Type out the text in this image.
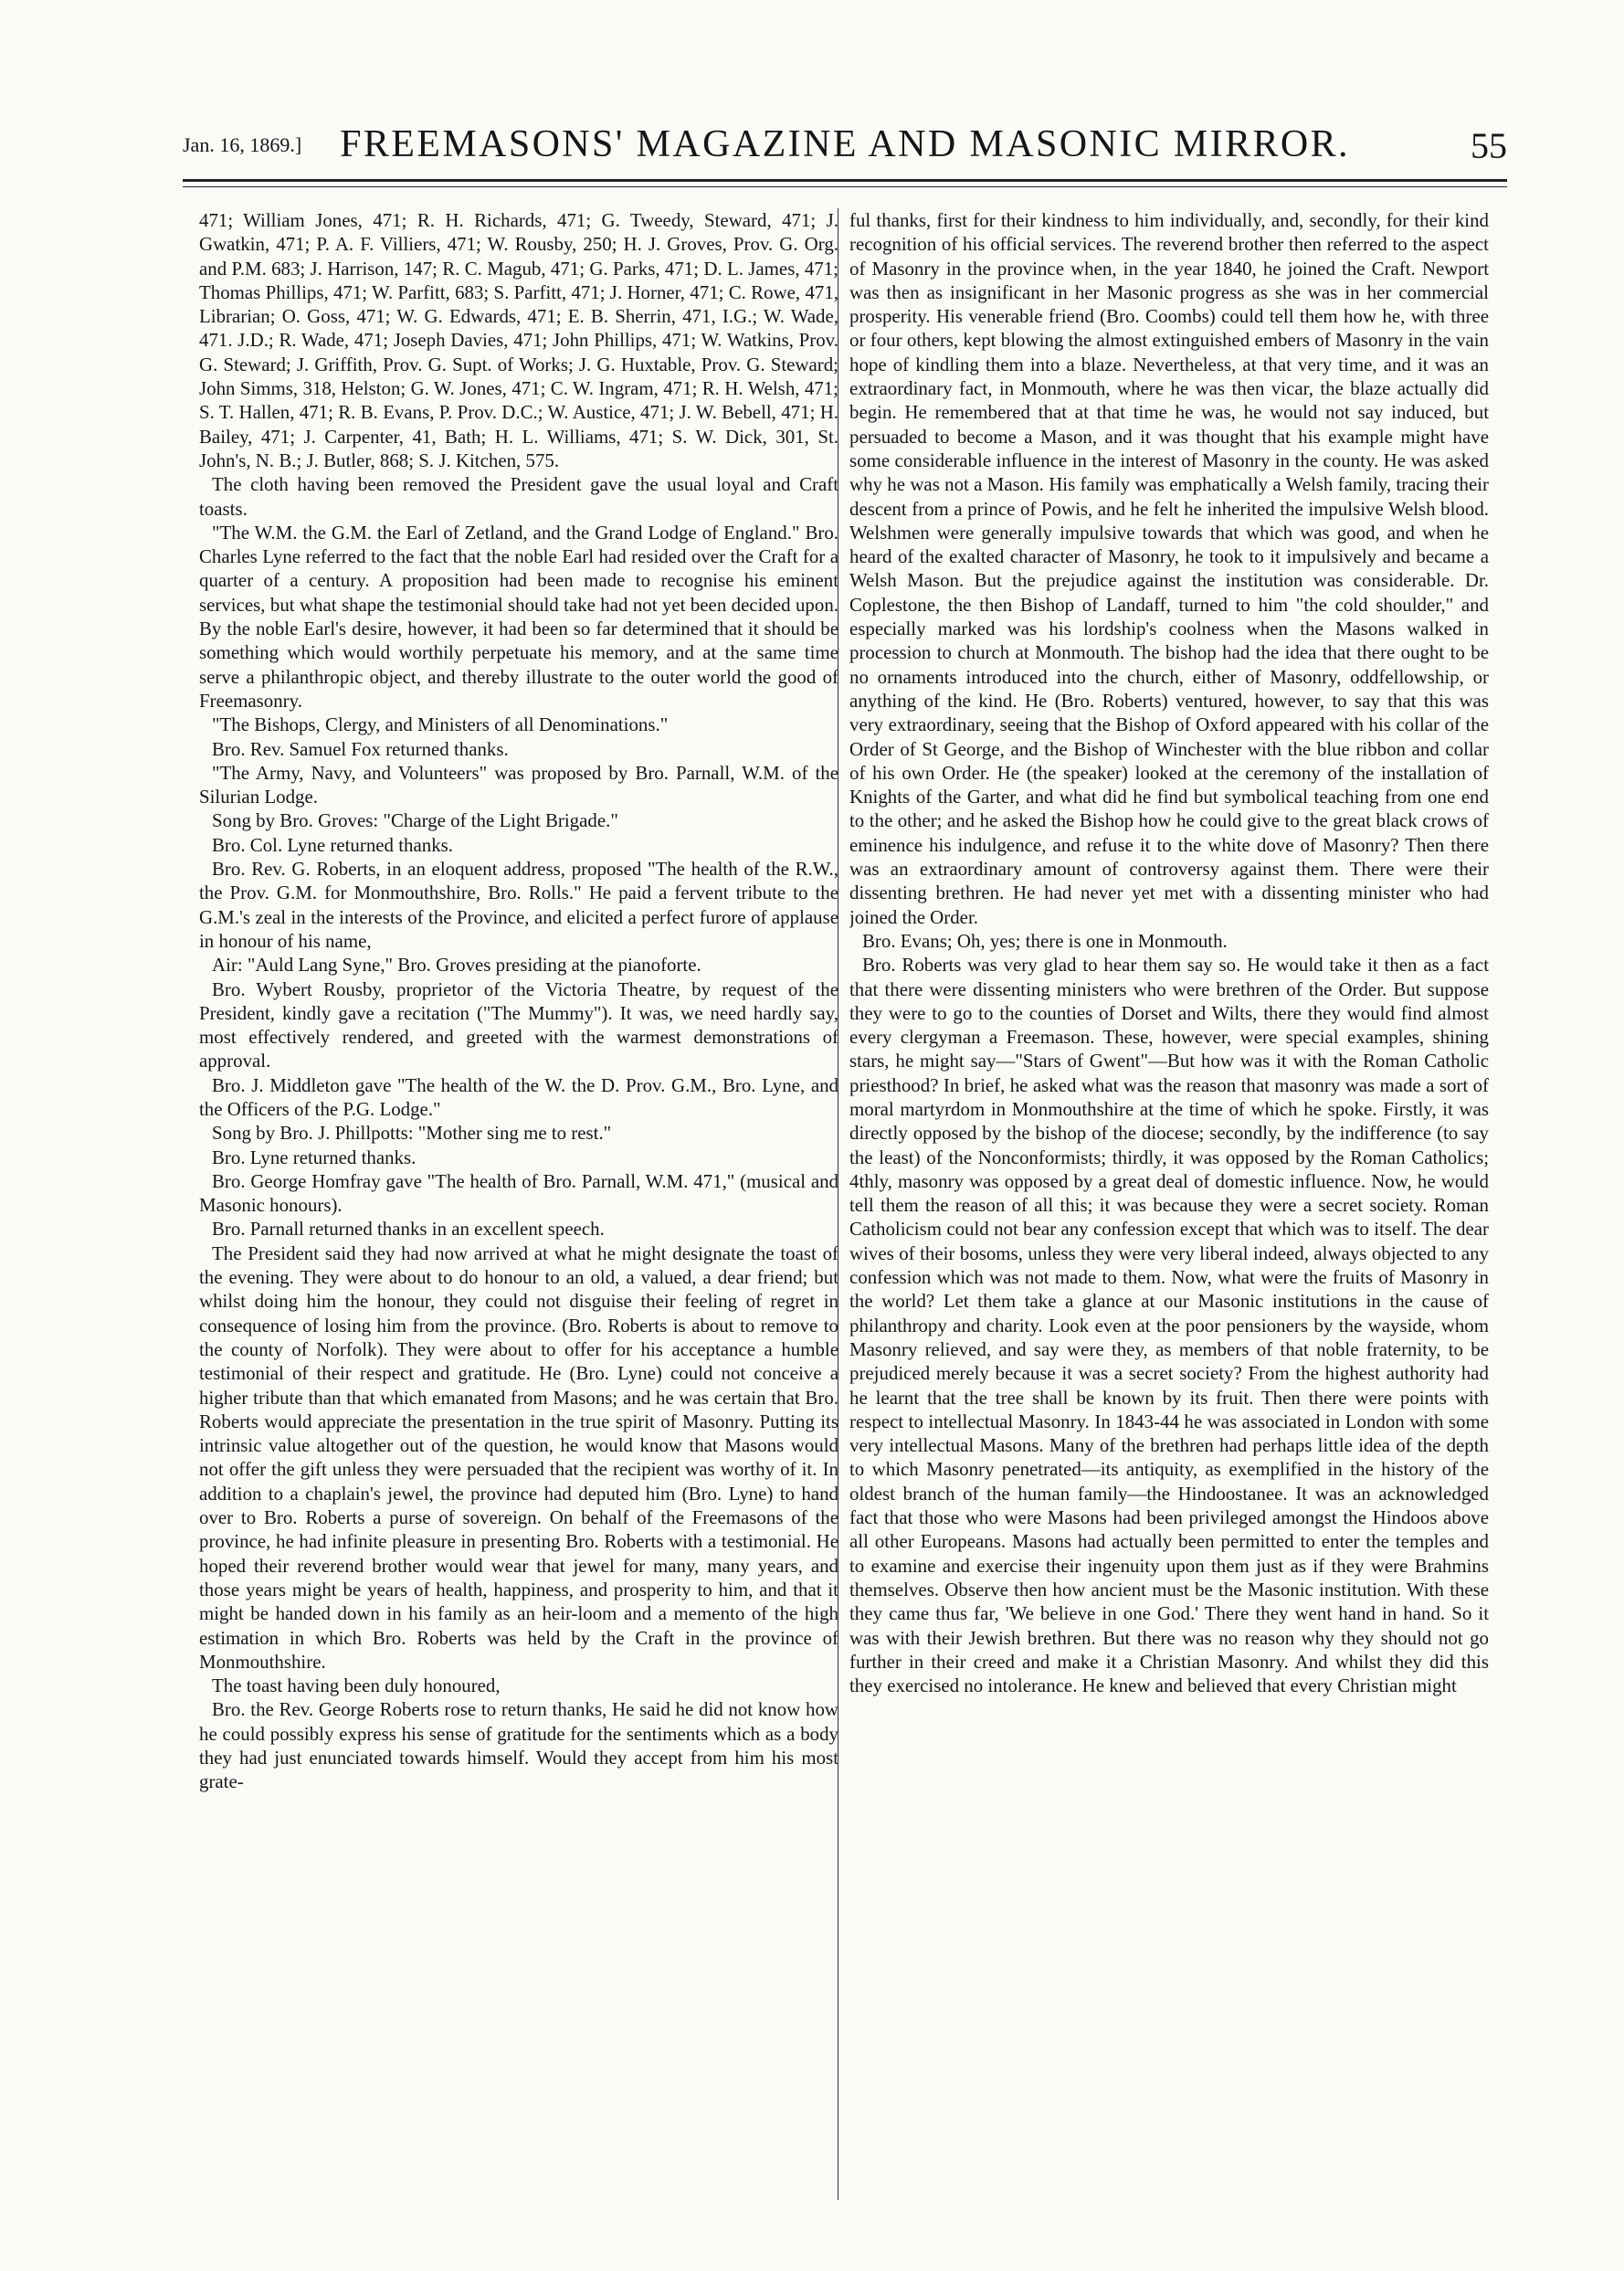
Jan. 16, 1869.] FREEMASONS' MAGAZINE AND MASONIC MIRROR.	55

471; William Jones, 471; R. H. Richards, 471; G. Tweedy, Steward, 471; J. Gwatkin, 471; P. A. F. Villiers, 471; W. Rousby, 250; H. J. Groves, Prov. G. Org. and P.M. 683; J. Harrison, 147; R. C. Magub, 471; G. Parks, 471; D. L. James, 471; Thomas Phillips, 471; W. Parfitt, 683; S. Parfitt, 471; J. Horner, 471; C. Rowe, 471, Librarian; O. Goss, 471; W. G. Edwards, 471; E. B. Sherrin, 471, I.G.; W. Wade, 471. J.D.; R. Wade, 471; Joseph Davies, 471; John Phillips, 471; W. Watkins, Prov. G. Steward; J. Griffith, Prov. G. Supt. of Works; J. G. Huxtable, Prov. G. Steward; John Simms, 318, Helston; G. W. Jones, 471; C. W. Ingram, 471; R. H. Welsh, 471; S. T. Hallen, 471; R. B. Evans, P. Prov. D.C.; W. Austice, 471; J. W. Bebell, 471; H. Bailey, 471; J. Carpenter, 41, Bath; H. L. Williams, 471; S. W. Dick, 301, St. John's, N. B.; J. Butler, 868; S. J. Kitchen, 575.

The cloth having been removed the President gave the usual loyal and Craft toasts.

"The W.M. the G.M. the Earl of Zetland, and the Grand Lodge of England." Bro. Charles Lyne referred to the fact that the noble Earl had resided over the Craft for a quarter of a century. A proposition had been made to recognise his eminent services, but what shape the testimonial should take had not yet been decided upon. By the noble Earl's desire, however, it had been so far determined that it should be something which would worthily perpetuate his memory, and at the same time serve a philanthropic object, and thereby illustrate to the outer world the good of Freemasonry.

"The Bishops, Clergy, and Ministers of all Denominations."

Bro. Rev. Samuel Fox returned thanks.

"The Army, Navy, and Volunteers" was proposed by Bro. Parnall, W.M. of the Silurian Lodge.

Song by Bro. Groves: "Charge of the Light Brigade."

Bro. Col. Lyne returned thanks.

Bro. Rev. G. Roberts, in an eloquent address, proposed "The health of the R.W., the Prov. G.M. for Monmouthshire, Bro. Rolls." He paid a fervent tribute to the G.M.'s zeal in the interests of the Province, and elicited a perfect furore of applause in honour of his name,

Air: "Auld Lang Syne," Bro. Groves presiding at the pianoforte.

Bro. Wybert Rousby, proprietor of the Victoria Theatre, by request of the President, kindly gave a recitation ("The Mummy"). It was, we need hardly say, most effectively rendered, and greeted with the warmest demonstrations of approval.

Bro. J. Middleton gave "The health of the W. the D. Prov. G.M., Bro. Lyne, and the Officers of the P.G. Lodge."

Song by Bro. J. Phillpotts: "Mother sing me to rest."

Bro. Lyne returned thanks.

Bro. George Homfray gave "The health of Bro. Parnall, W.M. 471," (musical and Masonic honours).

Bro. Parnall returned thanks in an excellent speech.

The President said they had now arrived at what he might designate the toast of the evening. They were about to do honour to an old, a valued, a dear friend; but whilst doing him the honour, they could not disguise their feeling of regret in consequence of losing him from the province. (Bro. Roberts is about to remove to the county of Norfolk). They were about to offer for his acceptance a humble testimonial of their respect and gratitude. He (Bro. Lyne) could not conceive a higher tribute than that which emanated from Masons; and he was certain that Bro. Roberts would appreciate the presentation in the true spirit of Masonry. Putting its intrinsic value altogether out of the question, he would know that Masons would not offer the gift unless they were persuaded that the recipient was worthy of it. In addition to a chaplain's jewel, the province had deputed him (Bro. Lyne) to hand over to Bro. Roberts a purse of sovereign. On behalf of the Freemasons of the province, he had infinite pleasure in presenting Bro. Roberts with a testimonial. He hoped their reverend brother would wear that jewel for many, many years, and those years might be years of health, happiness, and prosperity to him, and that it might be handed down in his family as an heir-loom and a memento of the high estimation in which Bro. Roberts was held by the Craft in the province of Monmouthshire.

The toast having been duly honoured,

Bro. the Rev. George Roberts rose to return thanks, He said he did not know how he could possibly express his sense of gratitude for the sentiments which as a body they had just enunciated towards himself. Would they accept from him his most grate-

ful thanks, first for their kindness to him individually, and, secondly, for their kind recognition of his official services. The reverend brother then referred to the aspect of Masonry in the province when, in the year 1840, he joined the Craft. Newport was then as insignificant in her Masonic progress as she was in her commercial prosperity. His venerable friend (Bro. Coombs) could tell them how he, with three or four others, kept blowing the almost extinguished embers of Masonry in the vain hope of kindling them into a blaze. Nevertheless, at that very time, and it was an extraordinary fact, in Monmouth, where he was then vicar, the blaze actually did begin. He remembered that at that time he was, he would not say induced, but persuaded to become a Mason, and it was thought that his example might have some considerable influence in the interest of Masonry in the county. He was asked why he was not a Mason. His family was emphatically a Welsh family, tracing their descent from a prince of Powis, and he felt he inherited the impulsive Welsh blood. Welshmen were generally impulsive towards that which was good, and when he heard of the exalted character of Masonry, he took to it impulsively and became a Welsh Mason. But the prejudice against the institution was considerable. Dr. Coplestone, the then Bishop of Landaff, turned to him "the cold shoulder," and especially marked was his lordship's coolness when the Masons walked in procession to church at Monmouth. The bishop had the idea that there ought to be no ornaments introduced into the church, either of Masonry, oddfellowship, or anything of the kind. He (Bro. Roberts) ventured, however, to say that this was very extraordinary, seeing that the Bishop of Oxford appeared with his collar of the Order of St George, and the Bishop of Winchester with the blue ribbon and collar of his own Order. He (the speaker) looked at the ceremony of the installation of Knights of the Garter, and what did he find but symbolical teaching from one end to the other; and he asked the Bishop how he could give to the great black crows of eminence his indulgence, and refuse it to the white dove of Masonry? Then there was an extraordinary amount of controversy against them. There were their dissenting brethren. He had never yet met with a dissenting minister who had joined the Order.

Bro. Evans; Oh, yes; there is one in Monmouth.

Bro. Roberts was very glad to hear them say so. He would take it then as a fact that there were dissenting ministers who were brethren of the Order. But suppose they were to go to the counties of Dorset and Wilts, there they would find almost every clergyman a Freemason. These, however, were special examples, shining stars, he might say—"Stars of Gwent"—But how was it with the Roman Catholic priesthood? In brief, he asked what was the reason that masonry was made a sort of moral martyrdom in Monmouthshire at the time of which he spoke. Firstly, it was directly opposed by the bishop of the diocese; secondly, by the indifference (to say the least) of the Nonconformists; thirdly, it was opposed by the Roman Catholics; 4thly, masonry was opposed by a great deal of domestic influence. Now, he would tell them the reason of all this; it was because they were a secret society. Roman Catholicism could not bear any confession except that which was to itself. The dear wives of their bosoms, unless they were very liberal indeed, always objected to any confession which was not made to them. Now, what were the fruits of Masonry in the world? Let them take a glance at our Masonic institutions in the cause of philanthropy and charity. Look even at the poor pensioners by the wayside, whom Masonry relieved, and say were they, as members of that noble fraternity, to be prejudiced merely because it was a secret society? From the highest authority had he learnt that the tree shall be known by its fruit. Then there were points with respect to intellectual Masonry. In 1843-44 he was associated in London with some very intellectual Masons. Many of the brethren had perhaps little idea of the depth to which Masonry penetrated—its antiquity, as exemplified in the history of the oldest branch of the human family—the Hindoostanee. It was an acknowledged fact that those who were Masons had been privileged amongst the Hindoos above all other Europeans. Masons had actually been permitted to enter the temples and to examine and exercise their ingenuity upon them just as if they were Brahmins themselves. Observe then how ancient must be the Masonic institution. With these they came thus far, 'We believe in one God.' There they went hand in hand. So it was with their Jewish brethren. But there was no reason why they should not go further in their creed and make it a Christian Masonry. And whilst they did this they exercised no intolerance. He knew and believed that every Christian might
